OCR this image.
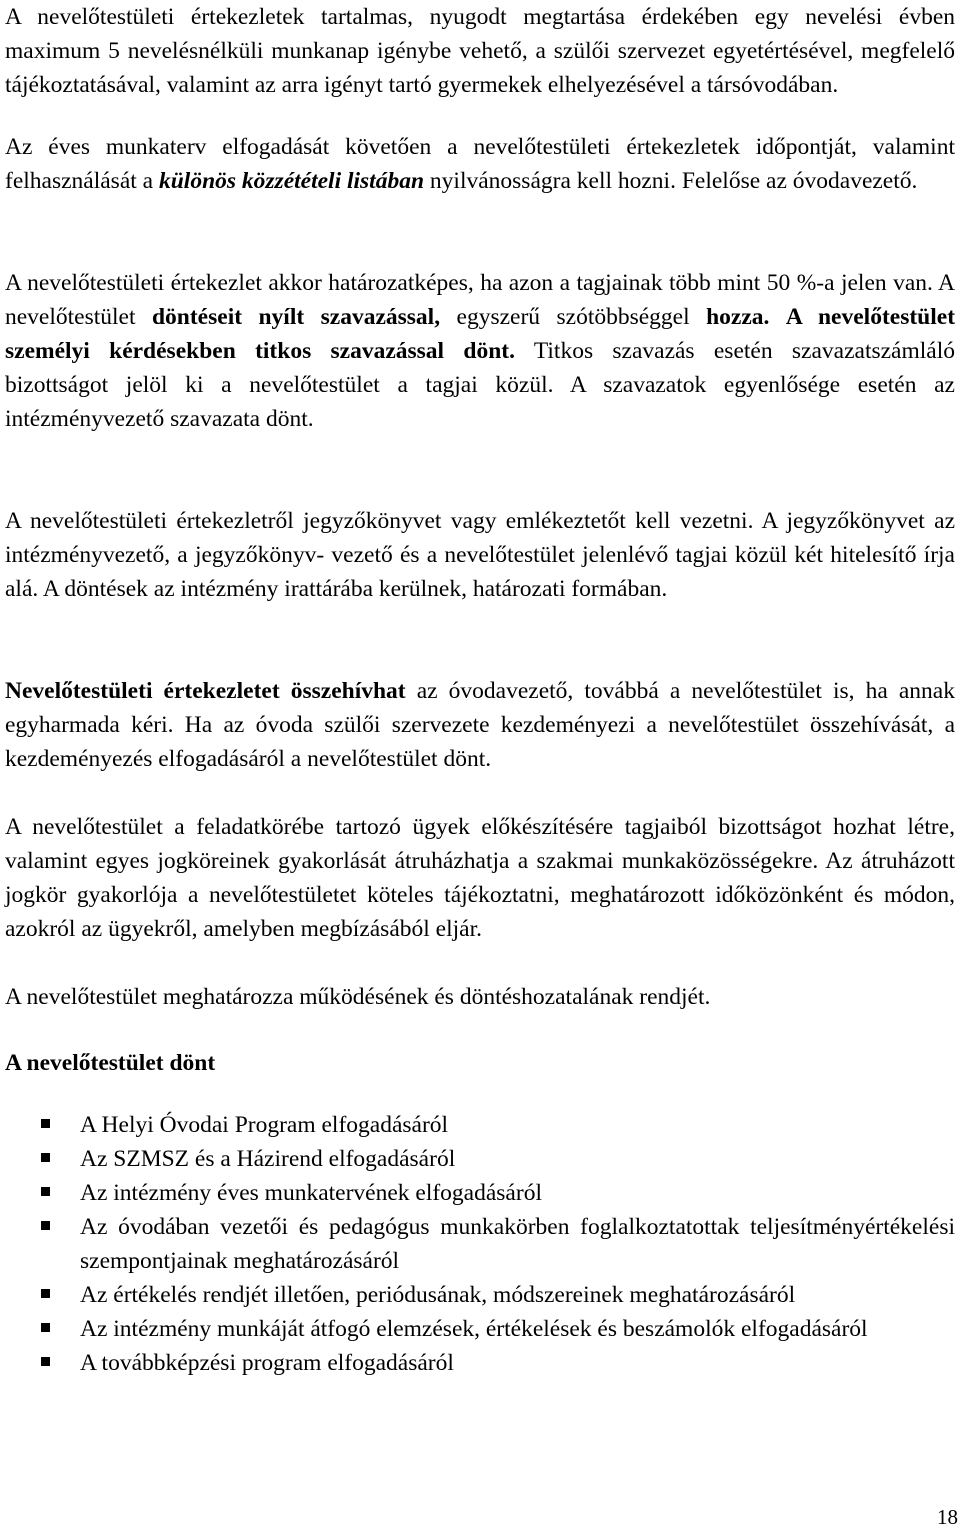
A nevelőtestületi értekezletek tartalmas, nyugodt megtartása érdekében egy nevelési évben maximum 5 nevelésnélküli munkanap igénybe vehető, a szülői szervezet egyetértésével, megfelelő tájékoztatásával, valamint az arra igényt tartó gyermekek elhelyezésével a társóvodában.

Az éves munkaterv elfogadását követően a nevelőtestületi értekezletek időpontját, valamint felhasználását a különös közzétételi listában nyilvánosságra kell hozni. Felelőse az óvodavezető.

A nevelőtestületi értekezlet akkor határozatképes, ha azon a tagjainak több mint 50 %-a jelen van. A nevelőtestület döntéseit nyílt szavazással, egyszerű szótöbbséggel hozza. A nevelőtestület személyi kérdésekben titkos szavazással dönt. Titkos szavazás esetén szavazatszámláló bizottságot jelöl ki a nevelőtestület a tagjai közül. A szavazatok egyenlősége esetén az intézményvezető szavazata dönt.

A nevelőtestületi értekezletről jegyzőkönyvet vagy emlékeztetőt kell vezetni. A jegyzőkönyvet az intézményvezető, a jegyzőkönyv- vezető és a nevelőtestület jelenlévő tagjai közül két hitelesítő írja alá. A döntések az intézmény irattárába kerülnek, határozati formában.

Nevelőtestületi értekezletet összehívhat az óvodavezető, továbbá a nevelőtestület is, ha annak egyharmada kéri. Ha az óvoda szülői szervezete kezdeményezi a nevelőtestület összehívását, a kezdeményezés elfogadásáról a nevelőtestület dönt.

A nevelőtestület a feladatkörébe tartozó ügyek előkészítésére tagjaiból bizottságot hozhat létre, valamint egyes jogköreinek gyakorlását átruházhatja a szakmai munkaközösségekre. Az átruházott jogkör gyakorlója a nevelőtestületet köteles tájékoztatni, meghatározott időközönként és módon, azokról az ügyekről, amelyben megbízásából eljár.

A nevelőtestület meghatározza működésének és döntéshozatalának rendjét.

A nevelőtestület dönt

A Helyi Óvodai Program elfogadásáról
Az SZMSZ és a Házirend elfogadásáról
Az intézmény éves munkatervének elfogadásáról
Az óvodában vezetői és pedagógus munkakörben foglalkoztatottak teljesítményértékelési szempontjainak meghatározásáról
Az értékelés rendjét illetően, periódusának, módszereinek meghatározásáról
Az intézmény munkáját átfogó elemzések, értékelések és beszámolók elfogadásáról
A továbbképzési program elfogadásáról
18
